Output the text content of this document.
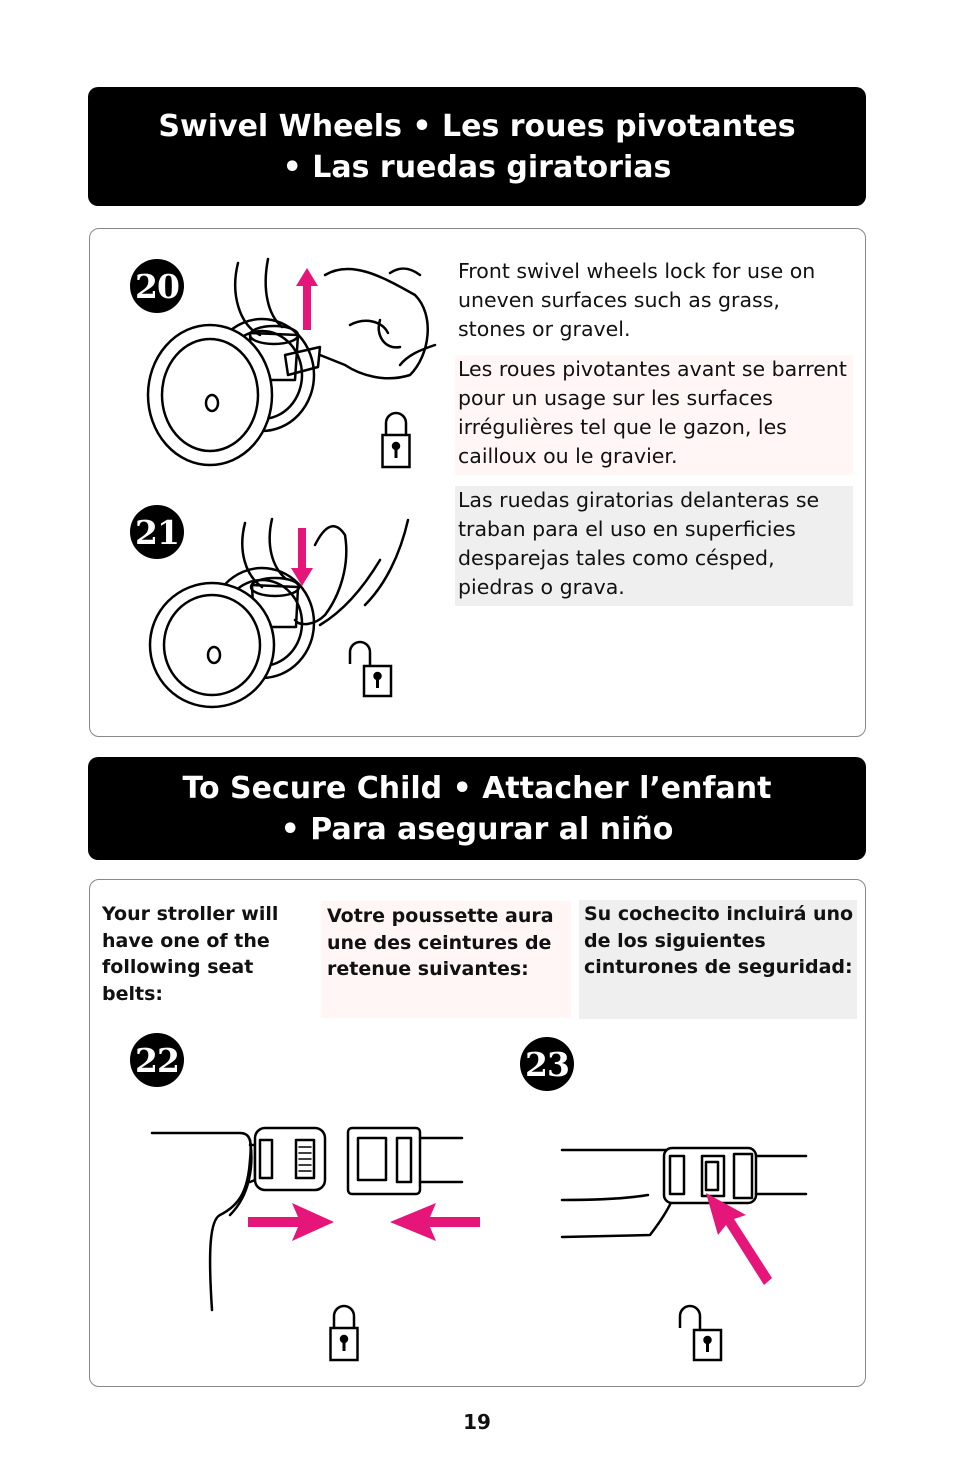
Swivel Wheels • Les roues pivotantes
• Las ruedas giratorias
20
21
Front swivel wheels lock for use on uneven surfaces such as grass, stones or gravel.
Les roues pivotantes avant se barrent pour un usage sur les surfaces irrégulières tel que le gazon, les cailloux ou le gravier.
Las ruedas giratorias delanteras se traban para el uso en superficies desparejas tales como césped, piedras o grava.
To Secure Child • Attacher l’enfant
• Para asegurar al niño
Your stroller will have one of the following seat belts:
Votre poussette aura une des ceintures de retenue suivantes:
Su cochecito incluirá uno de los siguientes cinturones de seguridad:
22	23
19
